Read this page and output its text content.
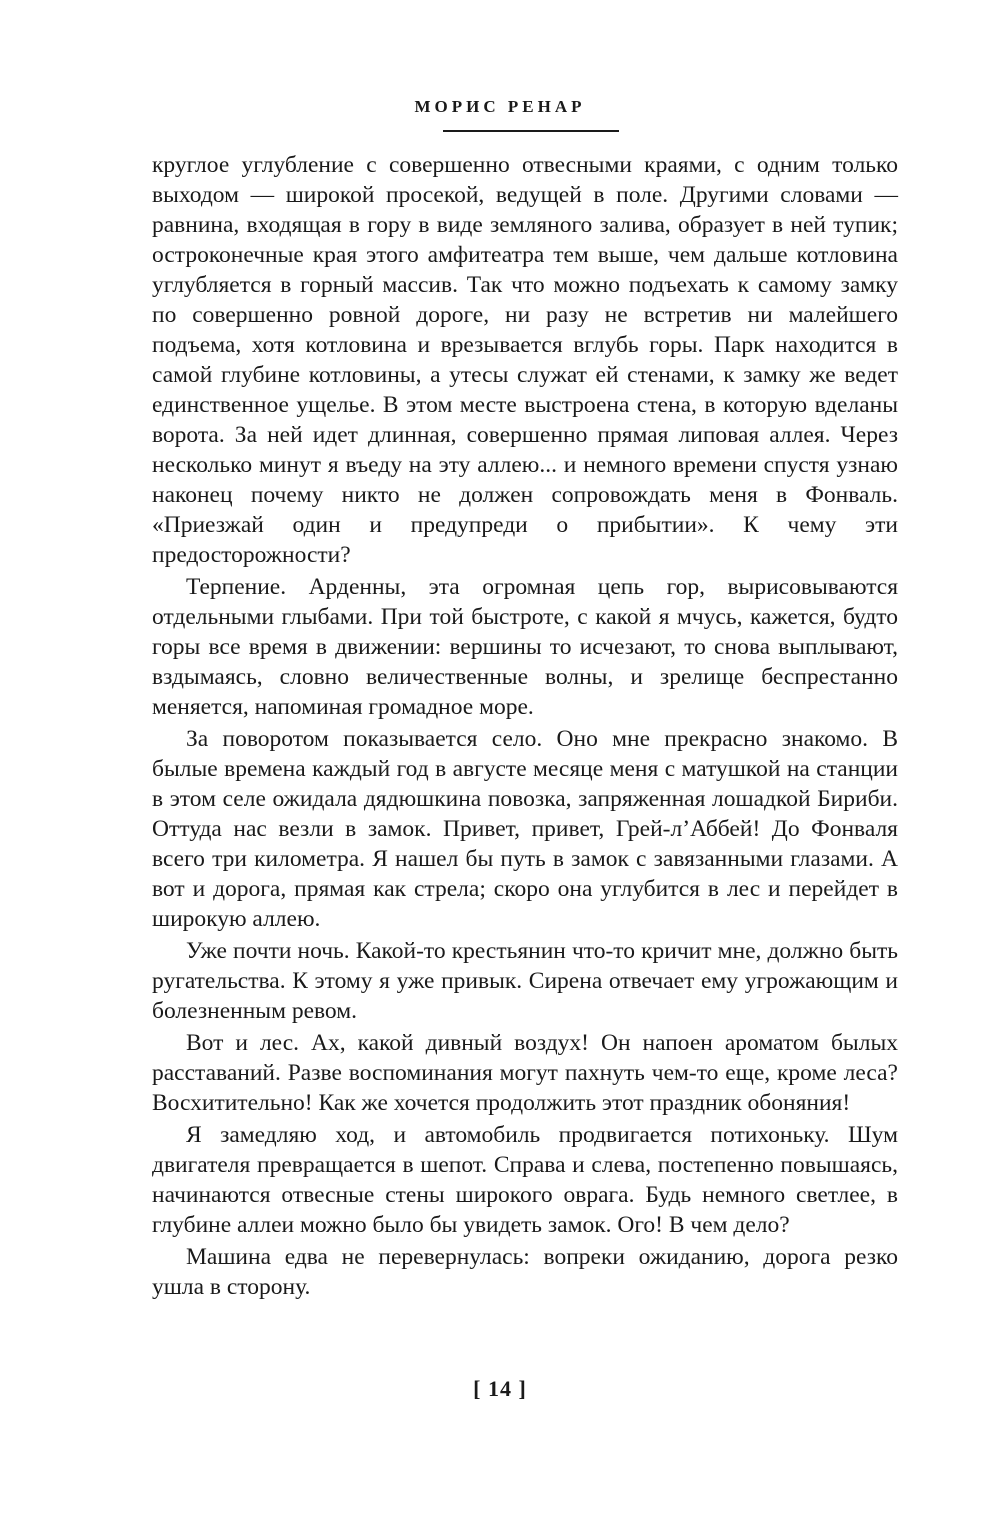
МОРИС РЕНАР

круглое углубление с совершенно отвесными краями, с одним только выходом — широкой просекой, ведущей в поле. Другими словами — равнина, входящая в гору в виде земляного залива, образует в ней тупик; остроконечные края этого амфитеатра тем выше, чем дальше котловина углубляется в горный массив. Так что можно подъехать к самому замку по совершенно ровной дороге, ни разу не встретив ни малейшего подъема, хотя котловина и врезывается вглубь горы. Парк находится в самой глубине котловины, а утесы служат ей стенами, к замку же ведет единственное ущелье. В этом месте выстроена стена, в которую вделаны ворота. За ней идет длинная, совершенно прямая липовая аллея. Через несколько минут я въеду на эту аллею... и немного времени спустя узнаю наконец почему никто не должен сопровождать меня в Фонваль. «Приезжай один и предупреди о прибытии». К чему эти предосторожности?

Терпение. Арденны, эта огромная цепь гор, вырисовываются отдельными глыбами. При той быстроте, с какой я мчусь, кажется, будто горы все время в движении: вершины то исчезают, то снова выплывают, вздымаясь, словно величественные волны, и зрелище беспрестанно меняется, напоминая громадное море.

За поворотом показывается село. Оно мне прекрасно знакомо. В былые времена каждый год в августе месяце меня с матушкой на станции в этом селе ожидала дядюшкина повозка, запряженная лошадкой Бириби. Оттуда нас везли в замок. Привет, привет, Грей-л’Аббей! До Фонваля всего три километра. Я нашел бы путь в замок с завязанными глазами. А вот и дорога, прямая как стрела; скоро она углубится в лес и перейдет в широкую аллею.

Уже почти ночь. Какой-то крестьянин что-то кричит мне, должно быть ругательства. К этому я уже привык. Сирена отвечает ему угрожающим и болезненным ревом.

Вот и лес. Ах, какой дивный воздух! Он напоен ароматом былых расставаний. Разве воспоминания могут пахнуть чем-то еще, кроме леса? Восхитительно! Как же хочется продолжить этот праздник обоняния!

Я замедляю ход, и автомобиль продвигается потихоньку. Шум двигателя превращается в шепот. Справа и слева, постепенно повышаясь, начинаются отвесные стены широкого оврага. Будь немного светлее, в глубине аллеи можно было бы увидеть замок. Ого! В чем дело?

Машина едва не перевернулась: вопреки ожиданию, дорога резко ушла в сторону.

[ 14 ]
